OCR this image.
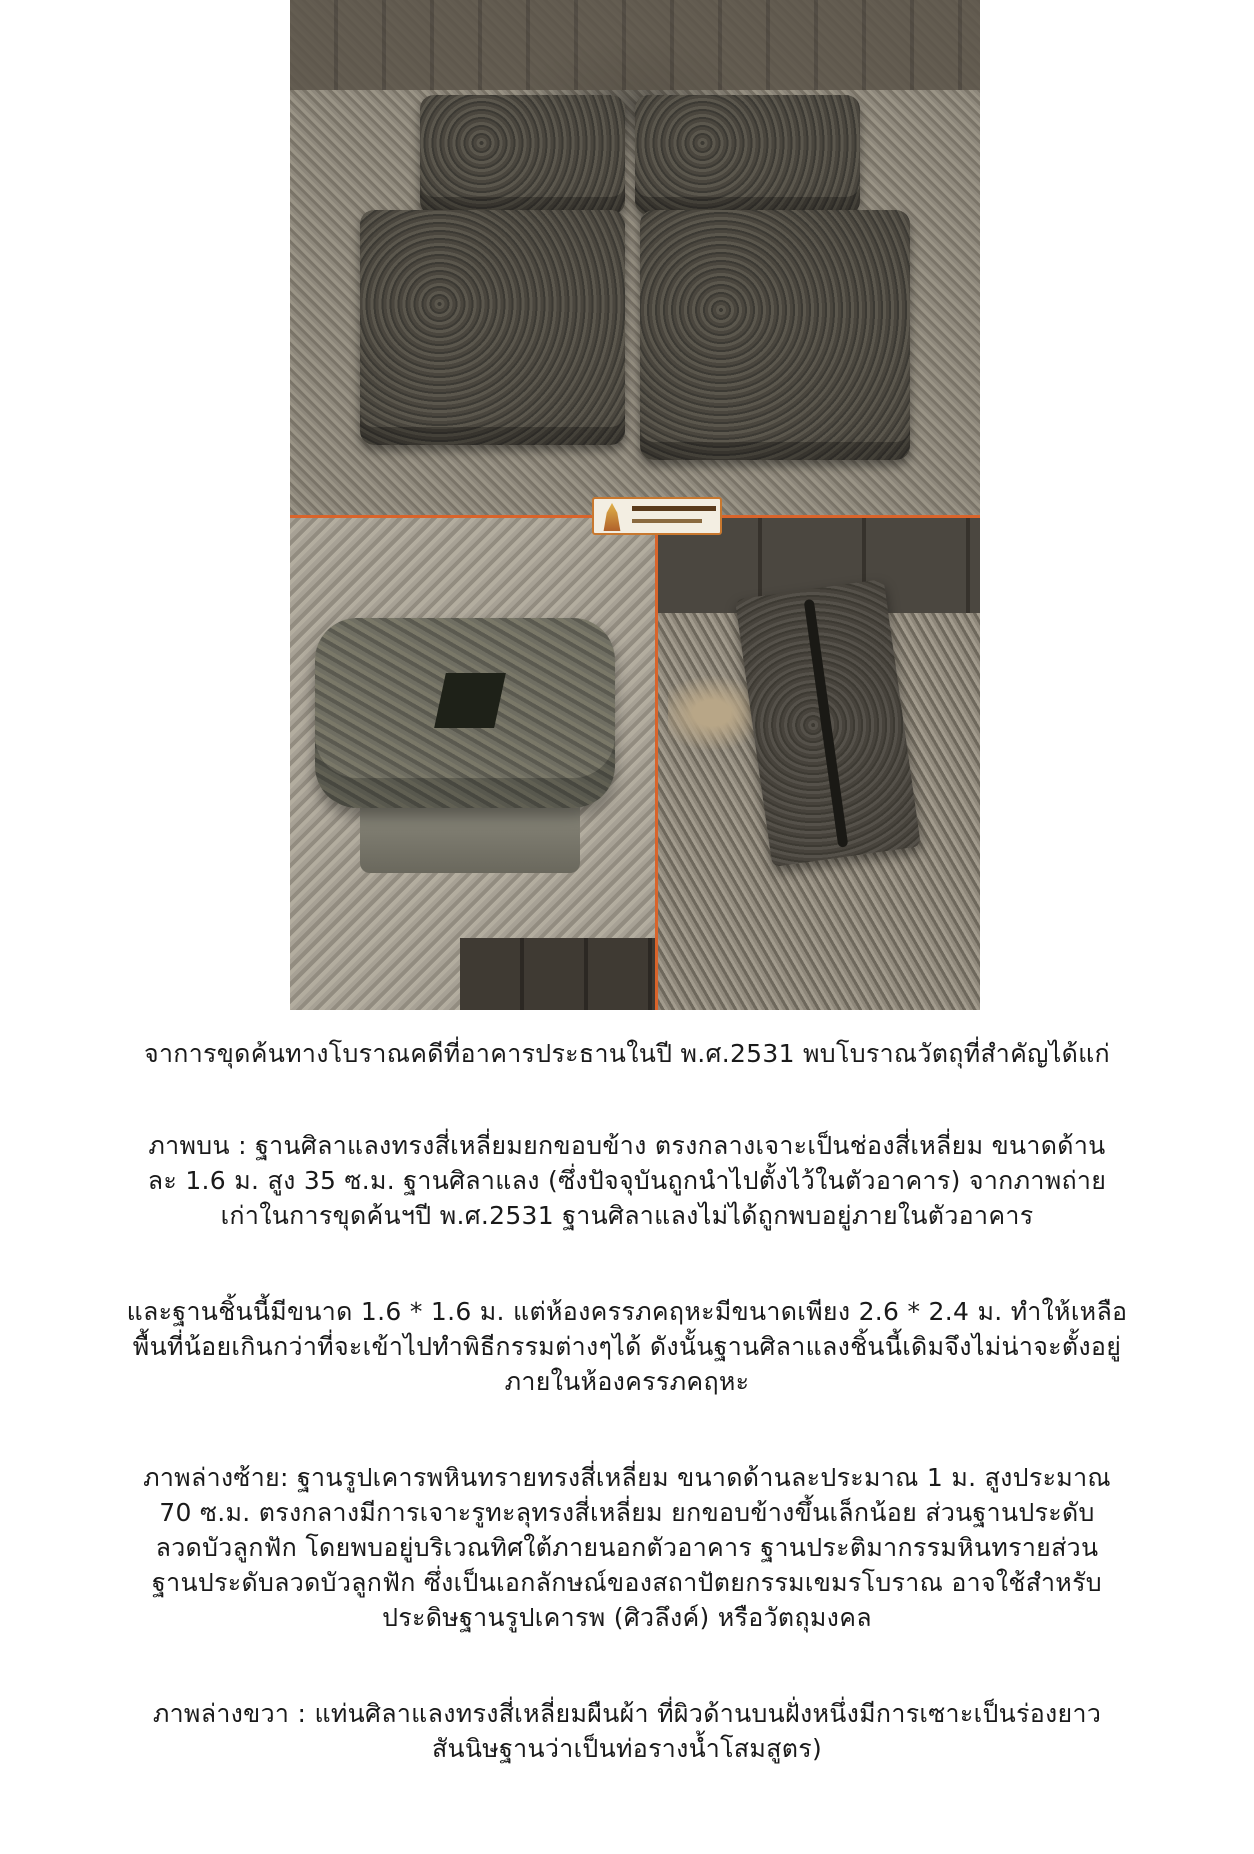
จาการขุดค้นทางโบราณคดีที่อาคารประธานในปี พ.ศ.2531 พบโบราณวัตถุที่สำคัญได้แก่
ภาพบน : ฐานศิลาแลงทรงสี่เหลี่ยมยกขอบข้าง ตรงกลางเจาะเป็นช่องสี่เหลี่ยม ขนาดด้าน
ละ 1.6 ม. สูง 35 ซ.ม. ฐานศิลาแลง (ซึ่งปัจจุบันถูกนำไปตั้งไว้ในตัวอาคาร) จากภาพถ่าย
เก่าในการขุดค้นฯปี พ.ศ.2531 ฐานศิลาแลงไม่ได้ถูกพบอยู่ภายในตัวอาคาร
และฐานชิ้นนี้มีขนาด 1.6 * 1.6 ม. แต่ห้องครรภคฤหะมีขนาดเพียง 2.6 * 2.4 ม. ทำให้เหลือ
พื้นที่น้อยเกินกว่าที่จะเข้าไปทำพิธีกรรมต่างๆได้ ดังนั้นฐานศิลาแลงชิ้นนี้เดิมจึงไม่น่าจะตั้งอยู่
ภายในห้องครรภคฤหะ
ภาพล่างซ้าย: ฐานรูปเคารพหินทรายทรงสี่เหลี่ยม ขนาดด้านละประมาณ 1 ม. สูงประมาณ
70 ซ.ม. ตรงกลางมีการเจาะรูทะลุทรงสี่เหลี่ยม ยกขอบข้างขึ้นเล็กน้อย ส่วนฐานประดับ
ลวดบัวลูกฟัก โดยพบอยู่บริเวณทิศใต้ภายนอกตัวอาคาร ฐานประติมากรรมหินทรายส่วน
ฐานประดับลวดบัวลูกฟัก ซึ่งเป็นเอกลักษณ์ของสถาปัตยกรรมเขมรโบราณ อาจใช้สำหรับ
ประดิษฐานรูปเคารพ (ศิวลึงค์) หรือวัตถุมงคล
ภาพล่างขวา : แท่นศิลาแลงทรงสี่เหลี่ยมผืนผ้า ที่ผิวด้านบนฝั่งหนึ่งมีการเซาะเป็นร่องยาว
สันนิษฐานว่าเป็นท่อรางน้ำโสมสูตร)
